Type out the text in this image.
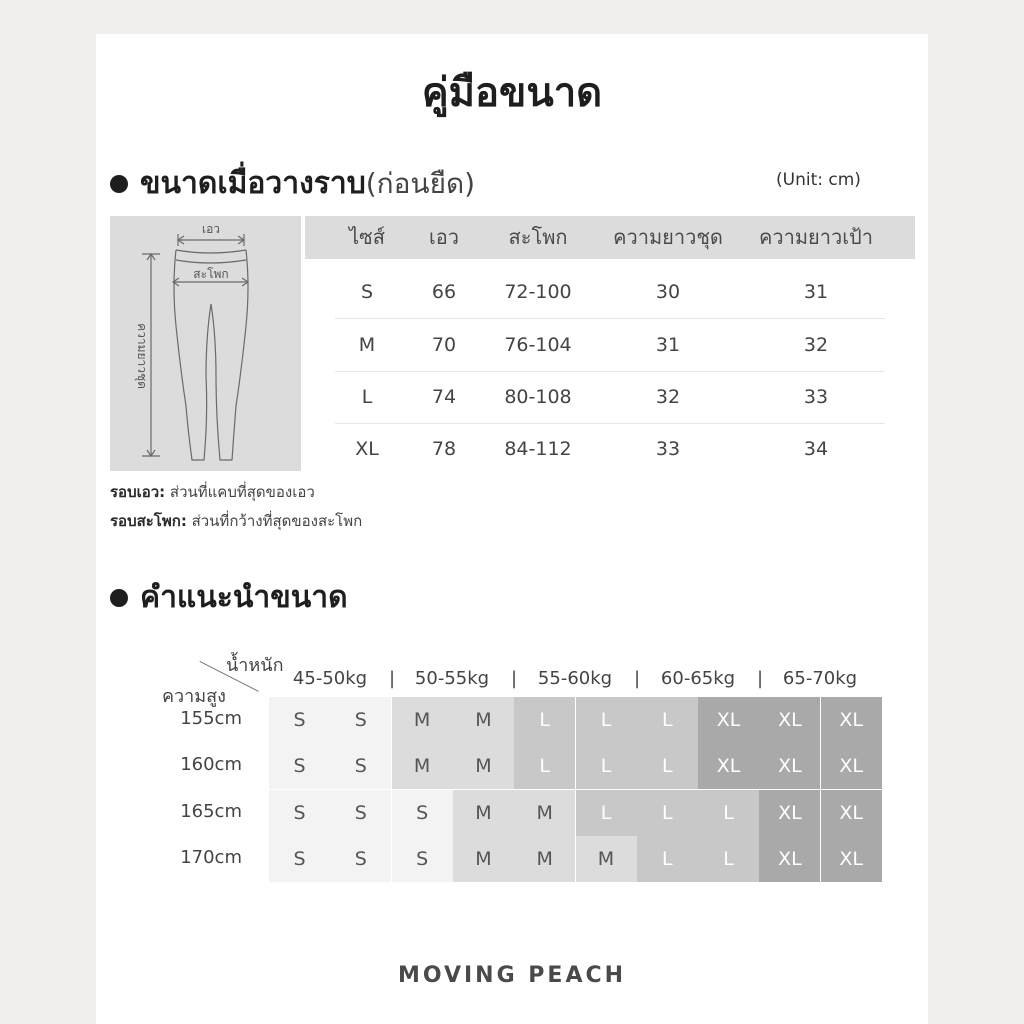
คู่มือขนาด
ขนาดเมื่อวางราบ (ก่อนยืด)	(Unit: cm)
เอว
สะโพก
ความยาวชุด
ไซส์	เอว	สะโพก	ความยาวชุด	ความยาวเป้า
S	66	72-100	30	31
M	70	76-104	31	32
L	74	80-108	32	33
XL	78	84-112	33	34
รอบเอว: ส่วนที่แคบที่สุดของเอว
รอบสะโพก: ส่วนที่กว้างที่สุดของสะโพก
คำแนะนำขนาด
น้ำหนัก
ความสูง
45-50kg	|	50-55kg	|	55-60kg	|	60-65kg	|	65-70kg
155cm	S	S	M	M	L	L	L	XL	XL	XL
160cm	S	S	M	M	L	L	L	XL	XL	XL
165cm	S	S	S	M	M	L	L	L	XL	XL
170cm	S	S	S	M	M	M	L	L	XL	XL
MOVING PEACH
